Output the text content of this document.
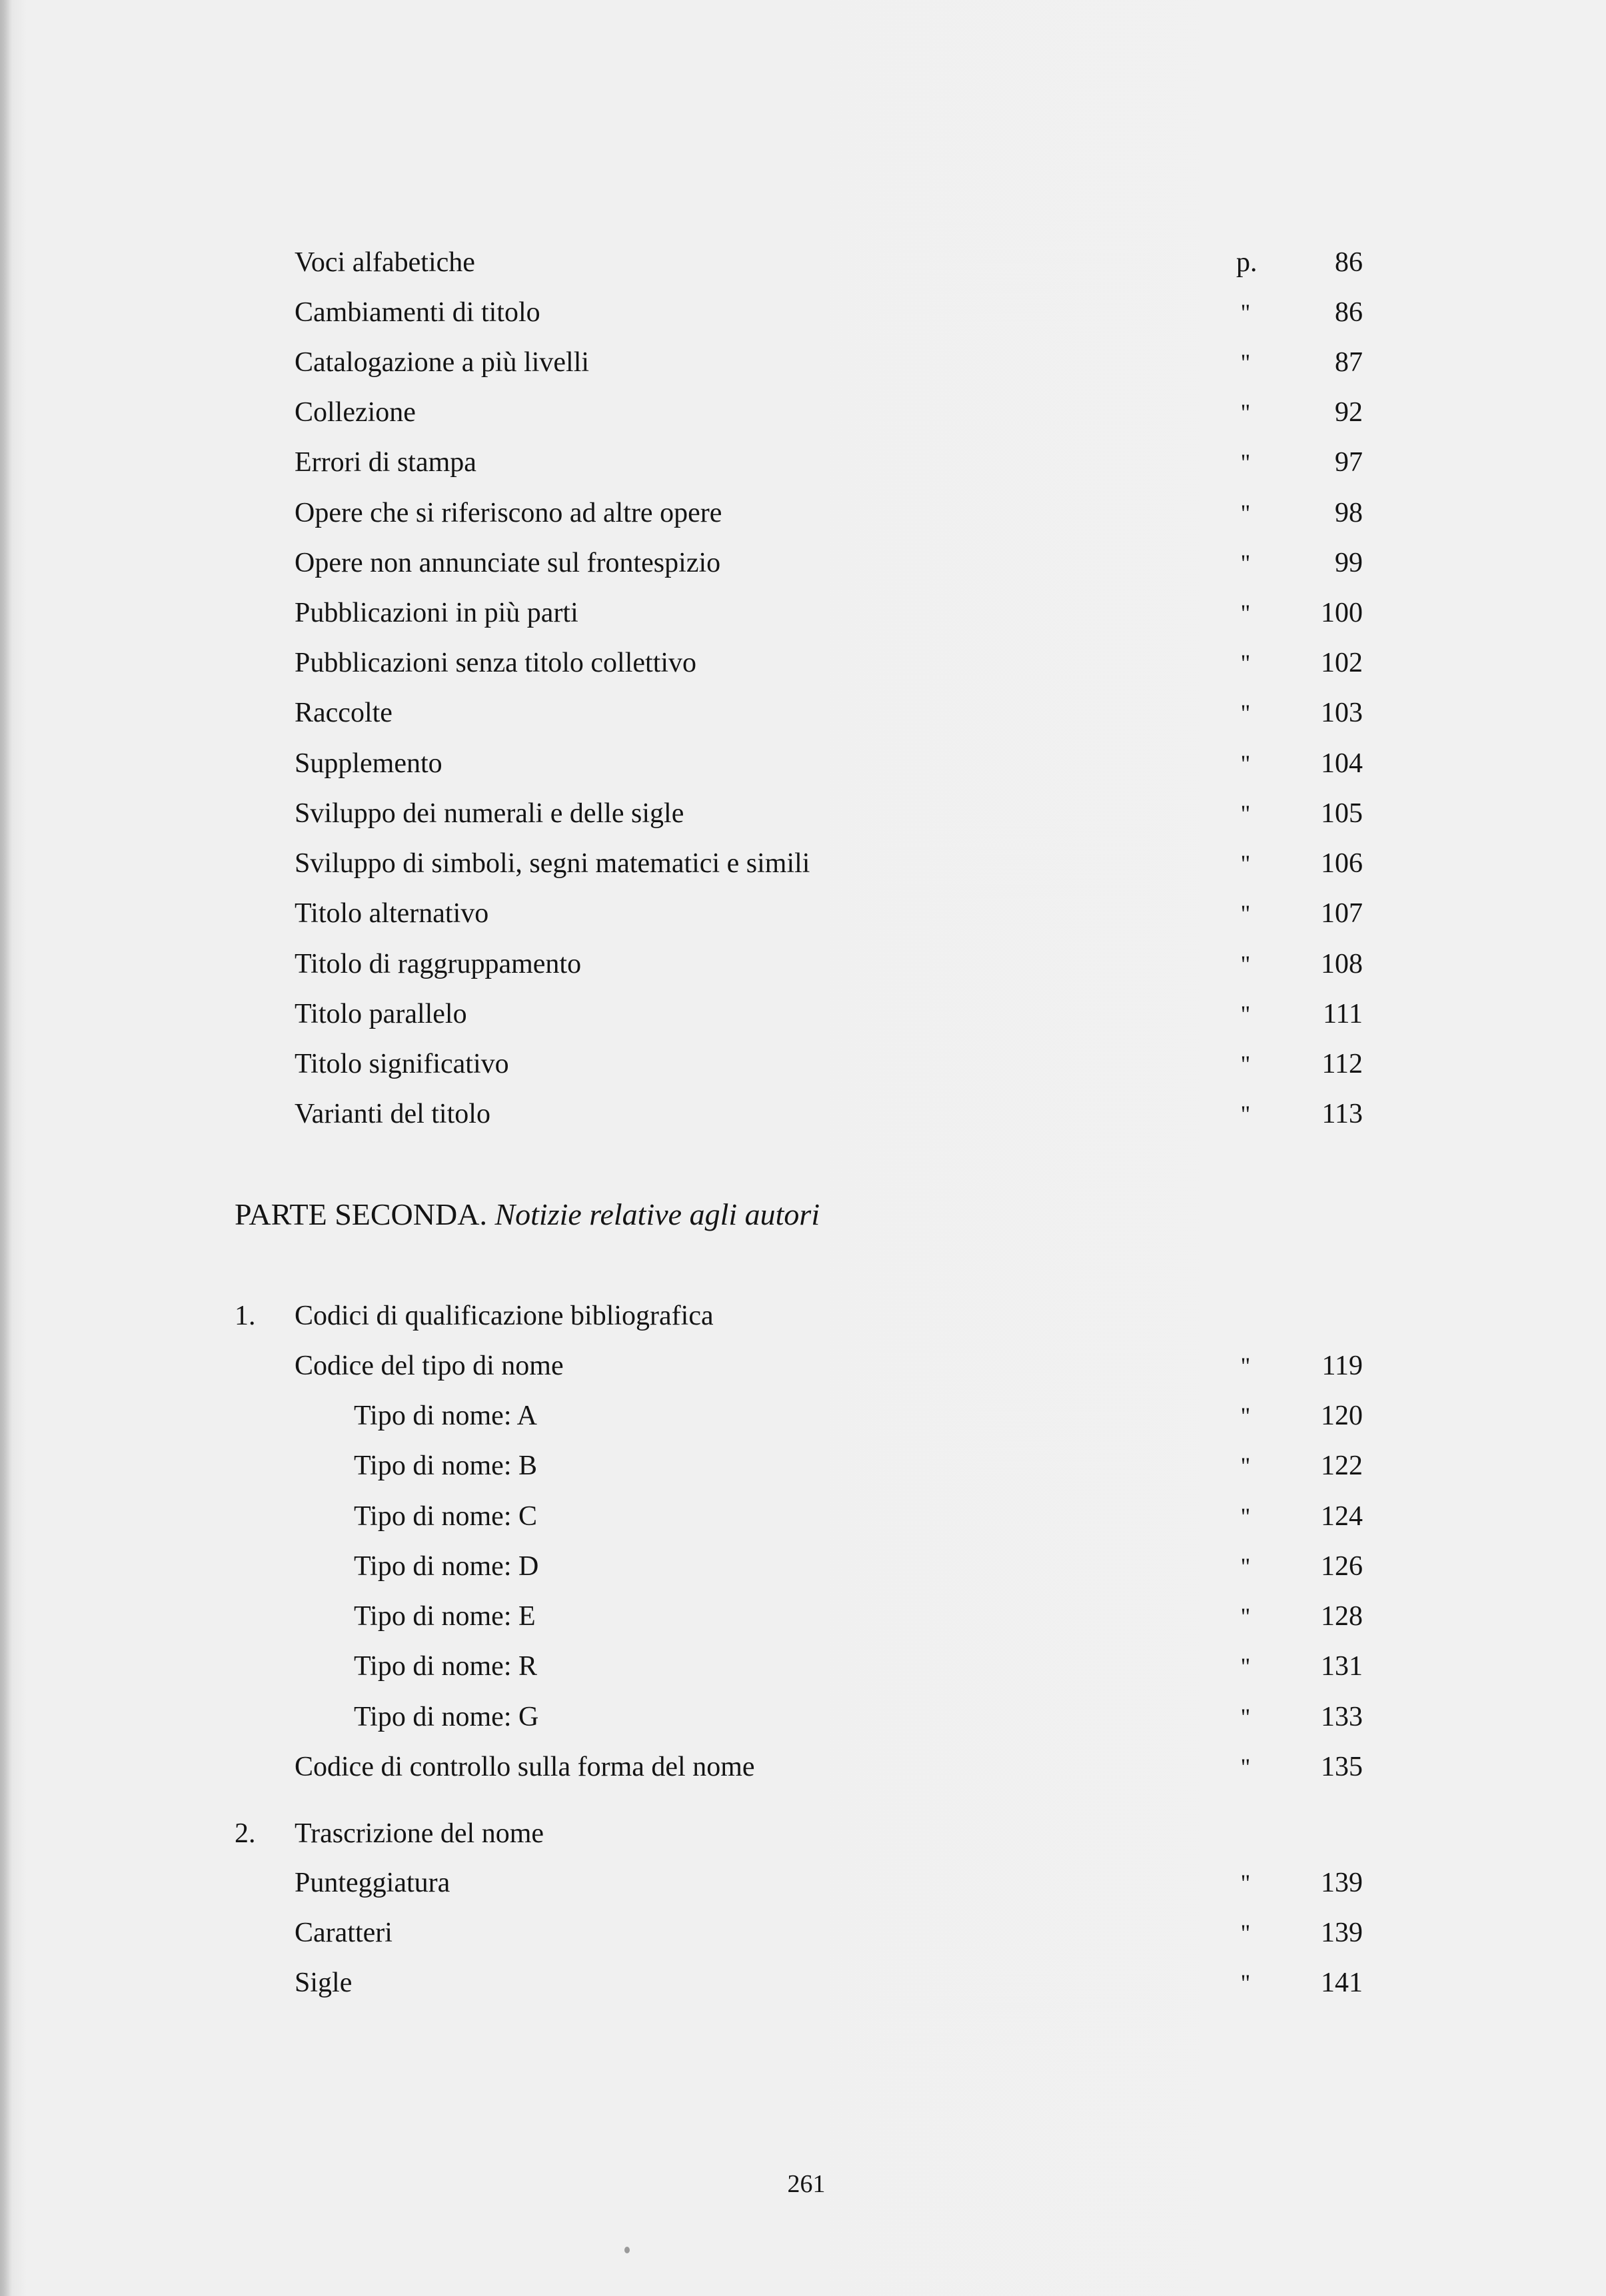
Voci alfabetiche	p.	86
Cambiamenti di titolo	"	86
Catalogazione a più livelli	"	87
Collezione	"	92
Errori di stampa	"	97
Opere che si riferiscono ad altre opere	"	98
Opere non annunciate sul frontespizio	"	99
Pubblicazioni in più parti	"	100
Pubblicazioni senza titolo collettivo	"	102
Raccolte	"	103
Supplemento	"	104
Sviluppo dei numerali e delle sigle	"	105
Sviluppo di simboli, segni matematici e simili	"	106
Titolo alternativo	"	107
Titolo di raggruppamento	"	108
Titolo parallelo	"	111
Titolo significativo	"	112
Varianti del titolo	"	113
PARTE SECONDA. Notizie relative agli autori
1. Codici di qualificazione bibliografica
Codice del tipo di nome	"	119
Tipo di nome: A	"	120
Tipo di nome: B	"	122
Tipo di nome: C	"	124
Tipo di nome: D	"	126
Tipo di nome: E	"	128
Tipo di nome: R	"	131
Tipo di nome: G	"	133
Codice di controllo sulla forma del nome	"	135
2. Trascrizione del nome
Punteggiatura	"	139
Caratteri	"	139
Sigle	"	141
261
